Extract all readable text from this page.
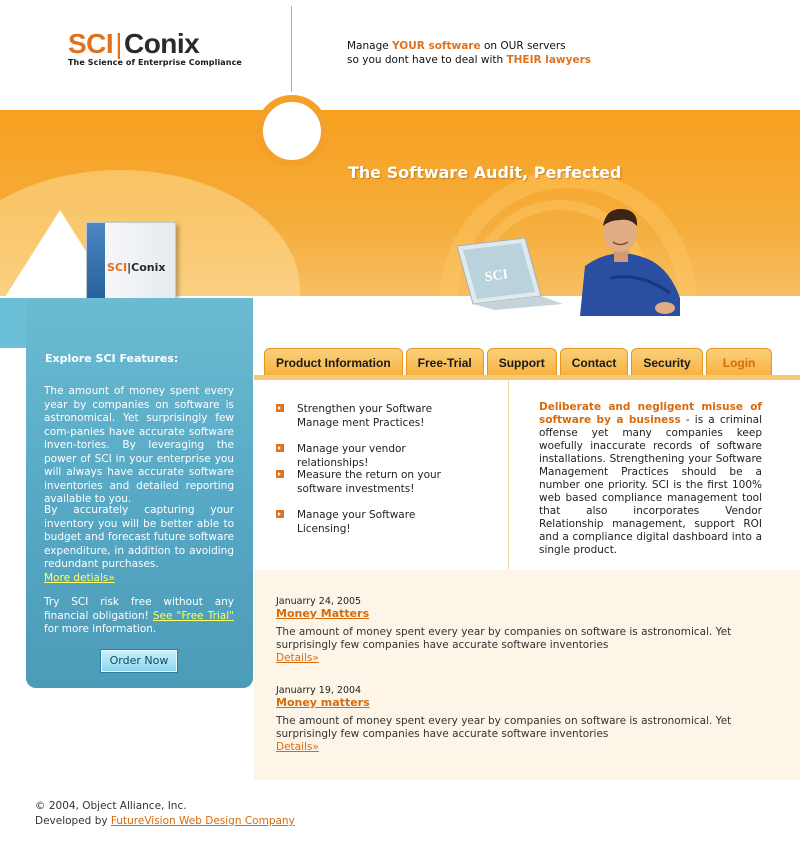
SCI|Conix
The Science of Enterprise Compliance
Manage YOUR software on OUR servers
so you dont have to deal with THEIR lawyers
The Software Audit, Perfected
SCI
SCI|Conix
Explore SCI Features:
The amount of money spent every year by companies on software is astronomical. Yet surprisingly few com-panies have accurate software inven-tories. By leveraging the power of SCI in your enterprise you will always have accurate software inventories and detailed reporting available to you.
By accurately capturing your inventory you will be better able to budget and forecast future software expenditure, in addition to avoiding redundant purchases.
More detials»
Try SCI risk free without any financial obligation! See "Free Trial" for more information.
Order Now
Product Information	Free-Trial	Support	Contact	Security	Login
Strengthen your Software Manage ment Practices!
Manage your vendor relationships!
Measure the return on your software investments!
Manage your Software Licensing!
Deliberate and negligent misuse of software by a business - is a criminal offense yet many companies keep woefully inaccurate records of software installations. Strengthening your Software Management Practices should be a number one priority. SCI is the first 100% web based compliance management tool that also incorporates Vendor Relationship management, support ROI and a compliance digital dashboard into a single product.
Januarry 24, 2005
Money Matters
The amount of money spent every year by companies on software is astronomical. Yet surprisingly few companies have accurate software inventories
Details»
Januarry 19, 2004
Money matters
The amount of money spent every year by companies on software is astronomical. Yet surprisingly few companies have accurate software inventories
Details»
© 2004, Object Alliance, Inc.
Developed by FutureVision Web Design Company
